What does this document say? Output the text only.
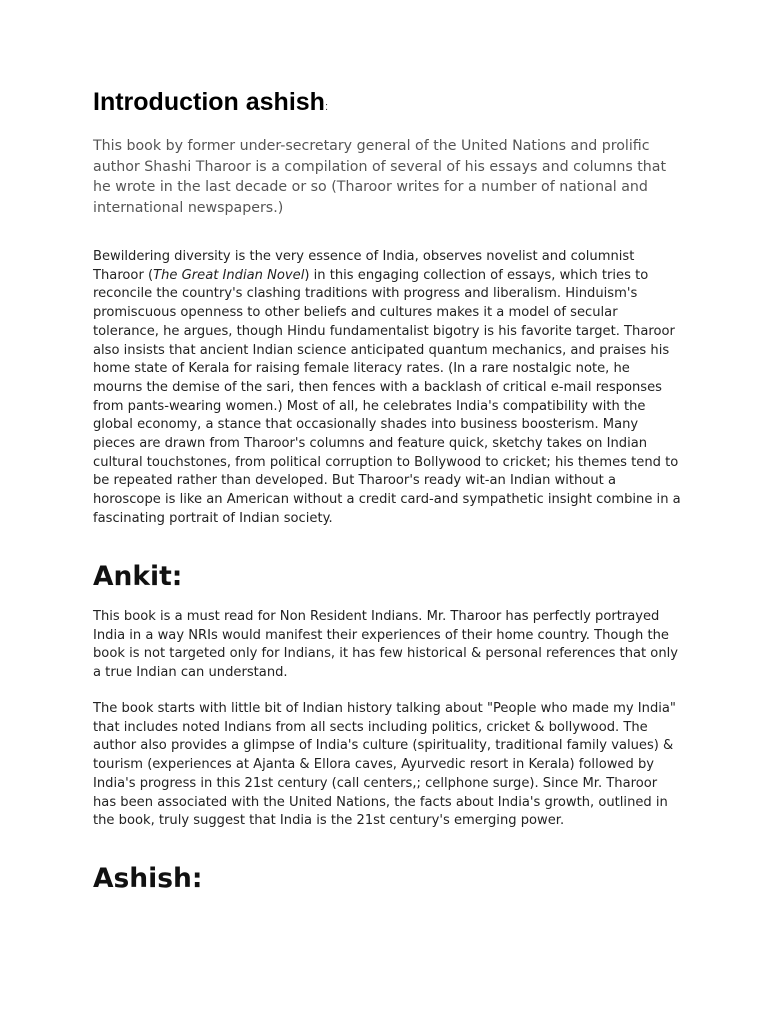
Introduction ashish:

This book by former under-secretary general of the United Nations and prolific author Shashi Tharoor is a compilation of several of his essays and columns that he wrote in the last decade or so (Tharoor writes for a number of national and international newspapers.)

Bewildering diversity is the very essence of India, observes novelist and columnist Tharoor (The Great Indian Novel) in this engaging collection of essays, which tries to reconcile the country's clashing traditions with progress and liberalism. Hinduism's promiscuous openness to other beliefs and cultures makes it a model of secular tolerance, he argues, though Hindu fundamentalist bigotry is his favorite target. Tharoor also insists that ancient Indian science anticipated quantum mechanics, and praises his home state of Kerala for raising female literacy rates. (In a rare nostalgic note, he mourns the demise of the sari, then fences with a backlash of critical e-mail responses from pants-wearing women.) Most of all, he celebrates India's compatibility with the global economy, a stance that occasionally shades into business boosterism. Many pieces are drawn from Tharoor's columns and feature quick, sketchy takes on Indian cultural touchstones, from political corruption to Bollywood to cricket; his themes tend to be repeated rather than developed. But Tharoor's ready wit-an Indian without a horoscope is like an American without a credit card-and sympathetic insight combine in a fascinating portrait of Indian society.

Ankit:

This book is a must read for Non Resident Indians. Mr. Tharoor has perfectly portrayed India in a way NRIs would manifest their experiences of their home country. Though the book is not targeted only for Indians, it has few historical & personal references that only a true Indian can understand.

The book starts with little bit of Indian history talking about "People who made my India" that includes noted Indians from all sects including politics, cricket & bollywood. The author also provides a glimpse of India's culture (spirituality, traditional family values) & tourism (experiences at Ajanta & Ellora caves, Ayurvedic resort in Kerala) followed by India's progress in this 21st century (call centers,; cellphone surge). Since Mr. Tharoor has been associated with the United Nations, the facts about India's growth, outlined in the book, truly suggest that India is the 21st century's emerging power.

Ashish:
